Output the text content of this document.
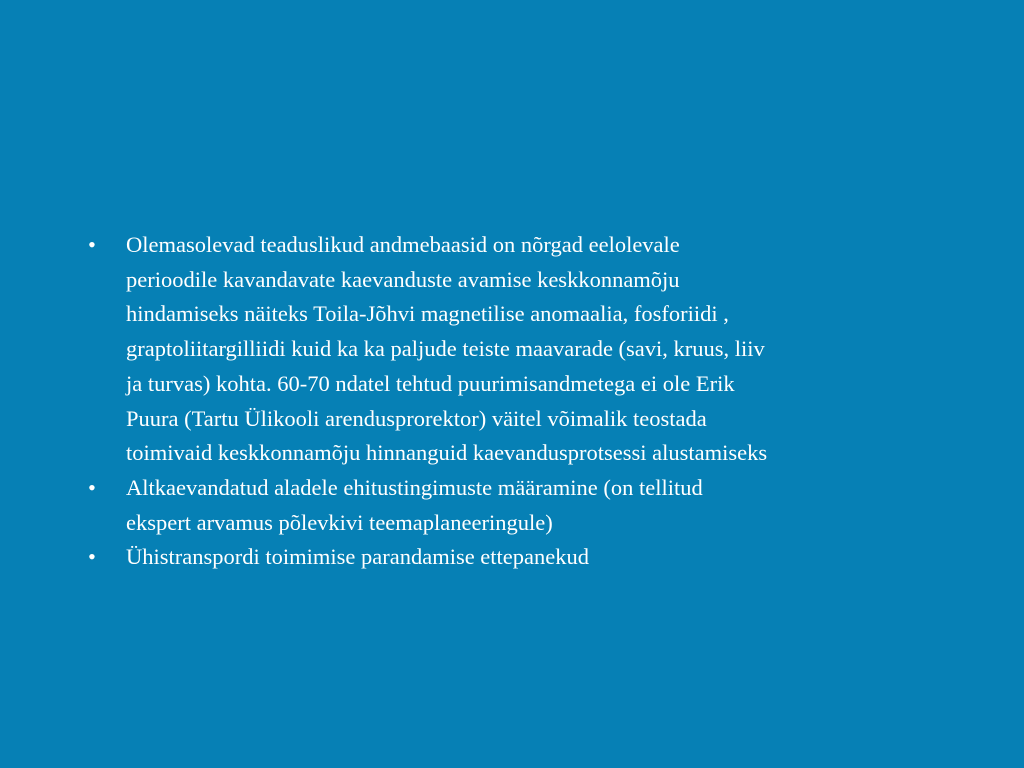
• Olemasolevad teaduslikud andmebaasid on nõrgad eelolevale
perioodile kavandavate kaevanduste avamise keskkonnamõju
hindamiseks näiteks Toila-Jõhvi magnetilise anomaalia, fosforiidi ,
graptoliitargilliidi kuid ka ka paljude teiste maavarade (savi, kruus, liiv
ja turvas) kohta. 60-70 ndatel tehtud puurimisandmetega ei ole Erik
Puura (Tartu Ülikooli arendusprorektor) väitel võimalik teostada
toimivaid keskkonnamõju hinnanguid kaevandusprotsessi alustamiseks
• Altkaevandatud aladele ehitustingimuste määramine (on tellitud
ekspert arvamus põlevkivi teemaplaneeringule)
• Ühistranspordi toimimise parandamise ettepanekud
